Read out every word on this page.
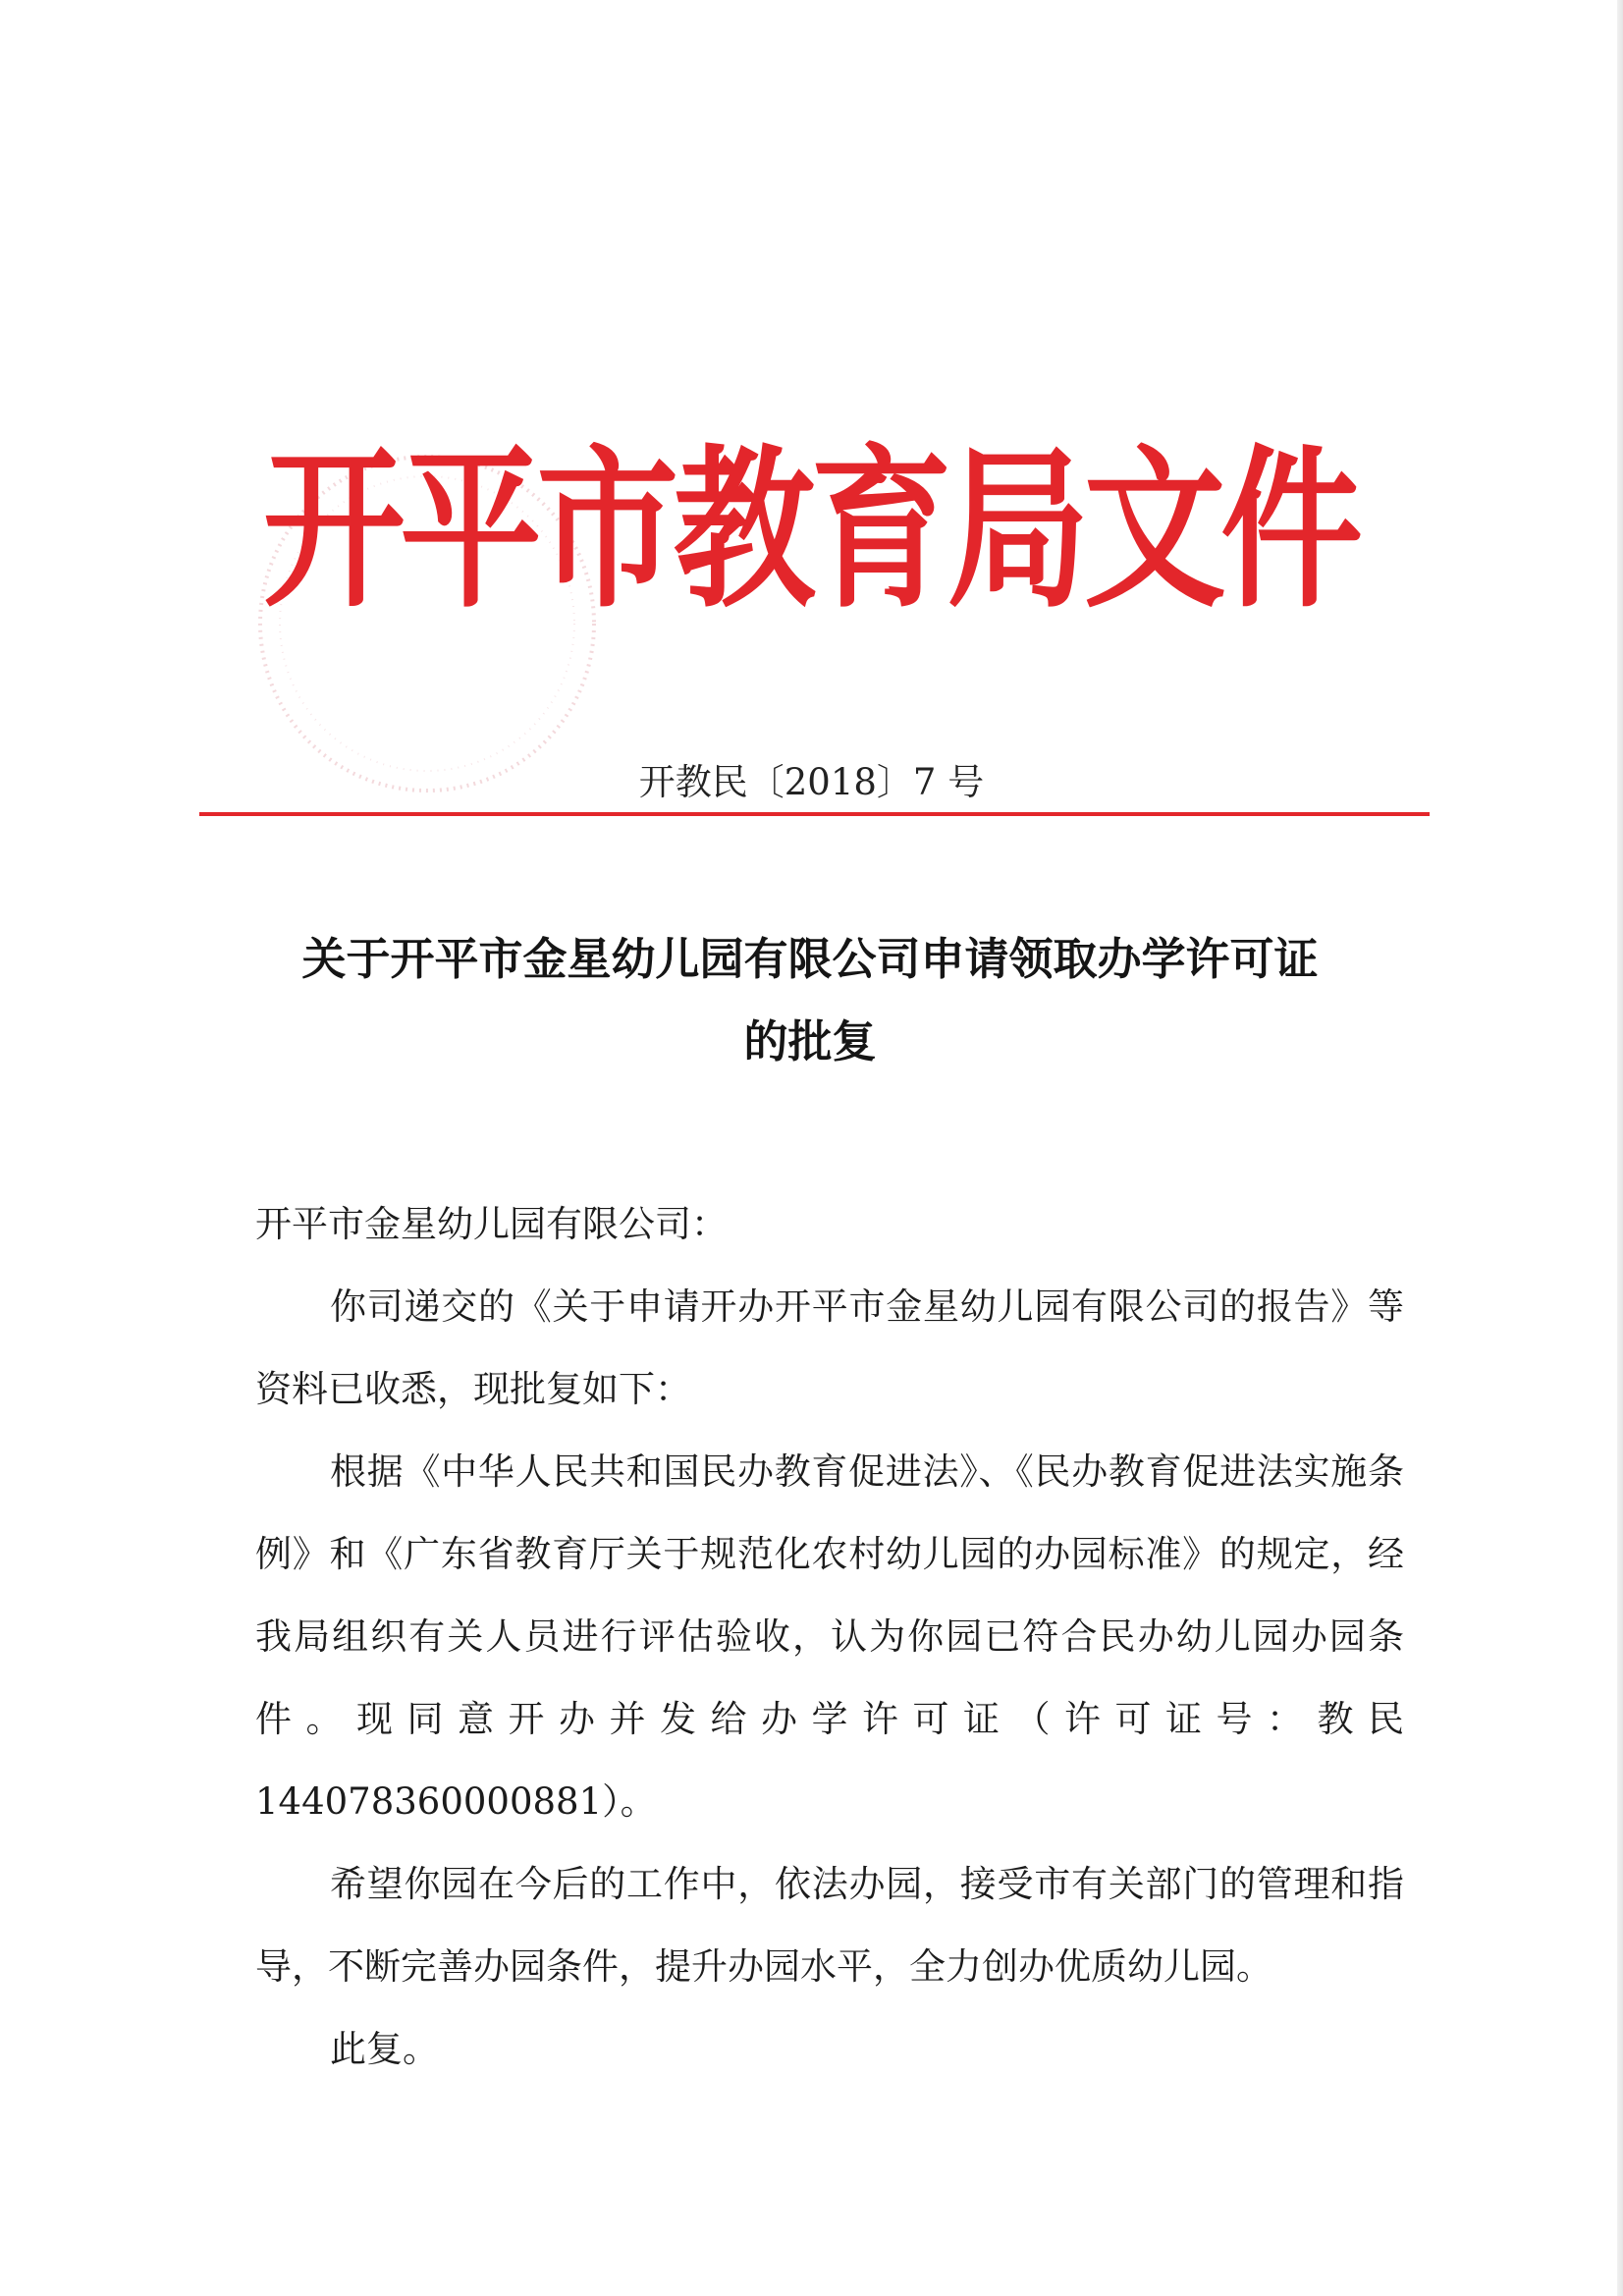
开平市教育局文件
开教民〔2018〕7 号
关于开平市金星幼儿园有限公司申请领取办学许可证
的批复

开平市金星幼儿园有限公司：

你司递交的《关于申请开办开平市金星幼儿园有限公司的报告》等资料已收悉，现批复如下：

根据《中华人民共和国民办教育促进法》、《民办教育促进法实施条例》和《广东省教育厅关于规范化农村幼儿园的办园标准》的规定，经我局组织有关人员进行评估验收，认为你园已符合民办幼儿园办园条件。现同意开办并发给办学许可证（许可证号：教民144078360000881）。

希望你园在今后的工作中，依法办园，接受市有关部门的管理和指导，不断完善办园条件，提升办园水平，全力创办优质幼儿园。

此复。
